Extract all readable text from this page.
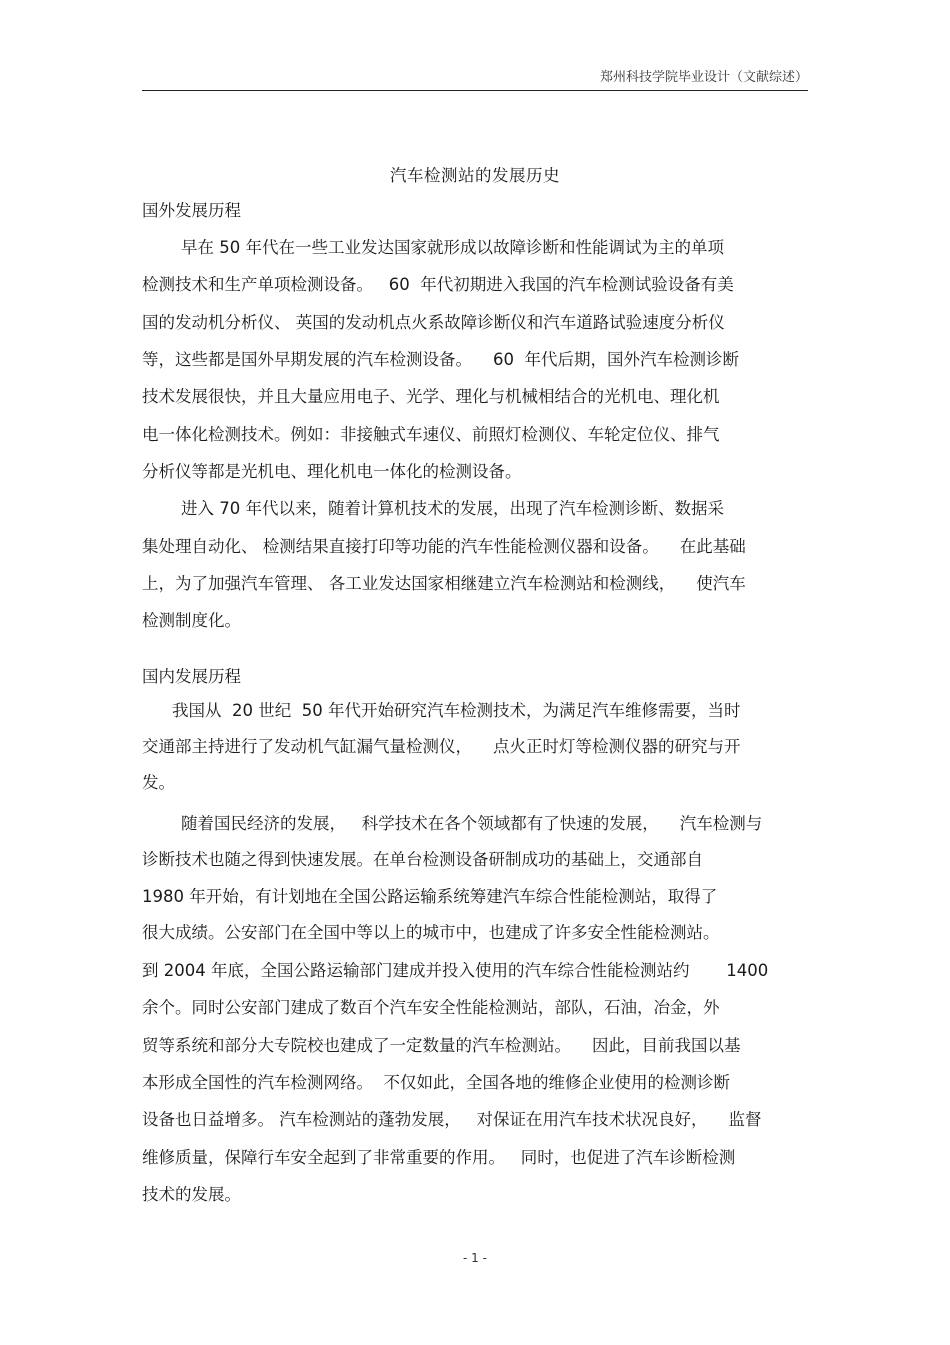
郑州科技学院毕业设计（文献综述）
汽车检测站的发展历史
国外发展历程
早在 50 年代在一些工业发达国家就形成以故障诊断和性能调试为主的单项
检测技术和生产单项检测设备。   60  年代初期进入我国的汽车检测试验设备有美
国的发动机分析仪、 英国的发动机点火系故障诊断仪和汽车道路试验速度分析仪
等，这些都是国外早期发展的汽车检测设备。    60  年代后期，国外汽车检测诊断
技术发展很快，并且大量应用电子、光学、理化与机械相结合的光机电、理化机
电一体化检测技术。例如：非接触式车速仪、前照灯检测仪、车轮定位仪、排气
分析仪等都是光机电、理化机电一体化的检测设备。
进入 70 年代以来，随着计算机技术的发展，出现了汽车检测诊断、数据采
集处理自动化、 检测结果直接打印等功能的汽车性能检测仪器和设备。    在此基础
上，为了加强汽车管理、 各工业发达国家相继建立汽车检测站和检测线，    使汽车
检测制度化。
国内发展历程
我国从  20 世纪  50 年代开始研究汽车检测技术，为满足汽车维修需要，当时
交通部主持进行了发动机气缸漏气量检测仪，    点火正时灯等检测仪器的研究与开
发。
随着国民经济的发展，   科学技术在各个领域都有了快速的发展，    汽车检测与
诊断技术也随之得到快速发展。在单台检测设备研制成功的基础上，交通部自
1980 年开始，有计划地在全国公路运输系统筹建汽车综合性能检测站，取得了
很大成绩。公安部门在全国中等以上的城市中，也建成了许多安全性能检测站。
到 2004 年底，全国公路运输部门建成并投入使用的汽车综合性能检测站约       1400
余个。同时公安部门建成了数百个汽车安全性能检测站，部队，石油，冶金，外
贸等系统和部分大专院校也建成了一定数量的汽车检测站。    因此，目前我国以基
本形成全国性的汽车检测网络。  不仅如此，全国各地的维修企业使用的检测诊断
设备也日益增多。 汽车检测站的蓬勃发展，   对保证在用汽车技术状况良好，    监督
维修质量，保障行车安全起到了非常重要的作用。   同时，也促进了汽车诊断检测
技术的发展。
- 1 -
